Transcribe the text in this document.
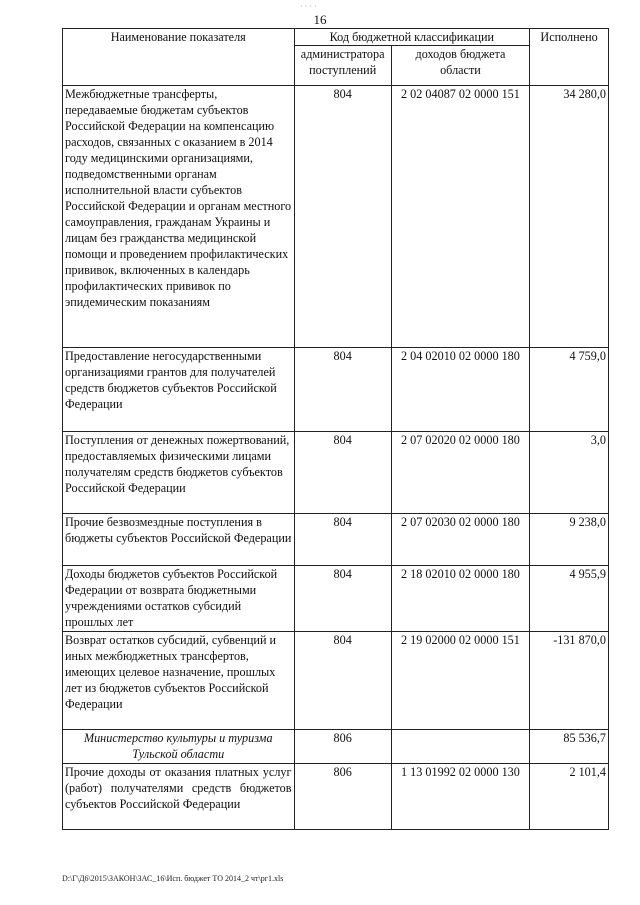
· · · ·
16
Наименование показателя	Код бюджетной классификации		Исполнено
	администратора поступлений	доходов бюджета области	
Межбюджетные трансферты, передаваемые бюджетам субъектов Российской Федерации на компенсацию расходов, связанных с оказанием в 2014 году медицинскими организациями, подведомственными органам исполнительной власти субъектов Российской Федерации и органам местного самоуправления, гражданам Украины и лицам без гражданства медицинской помощи и проведением профилактических прививок, включенных в календарь профилактических прививок по эпидемическим показаниям	804	2 02 04087 02 0000 151	34 280,0
Предоставление негосударственными организациями грантов для получателей средств бюджетов субъектов Российской Федерации	804	2 04 02010 02 0000 180	4 759,0
Поступления от денежных пожертвований, предоставляемых физическими лицами получателям средств бюджетов субъектов Российской Федерации	804	2 07 02020 02 0000 180	3,0
Прочие безвозмездные поступления в бюджеты субъектов Российской Федерации	804	2 07 02030 02 0000 180	9 238,0
Доходы бюджетов субъектов Российской Федерации от возврата бюджетными учреждениями остатков субсидий прошлых лет	804	2 18 02010 02 0000 180	4 955,9
Возврат остатков субсидий, субвенций и иных межбюджетных трансфертов, имеющих целевое назначение, прошлых лет из бюджетов субъектов Российской Федерации	804	2 19 02000 02 0000 151	-131 870,0
Министерство культуры и туризма Тульской области	806		85 536,7
Прочие доходы от оказания платных услуг (работ) получателями средств бюджетов субъектов Российской Федерации	806	1 13 01992 02 0000 130	2 101,4
D:\Г\Д6\2015\ЗАКОН\ЗАС_16\Исп. бюджет ТО 2014_2 чт\рг1.xls
